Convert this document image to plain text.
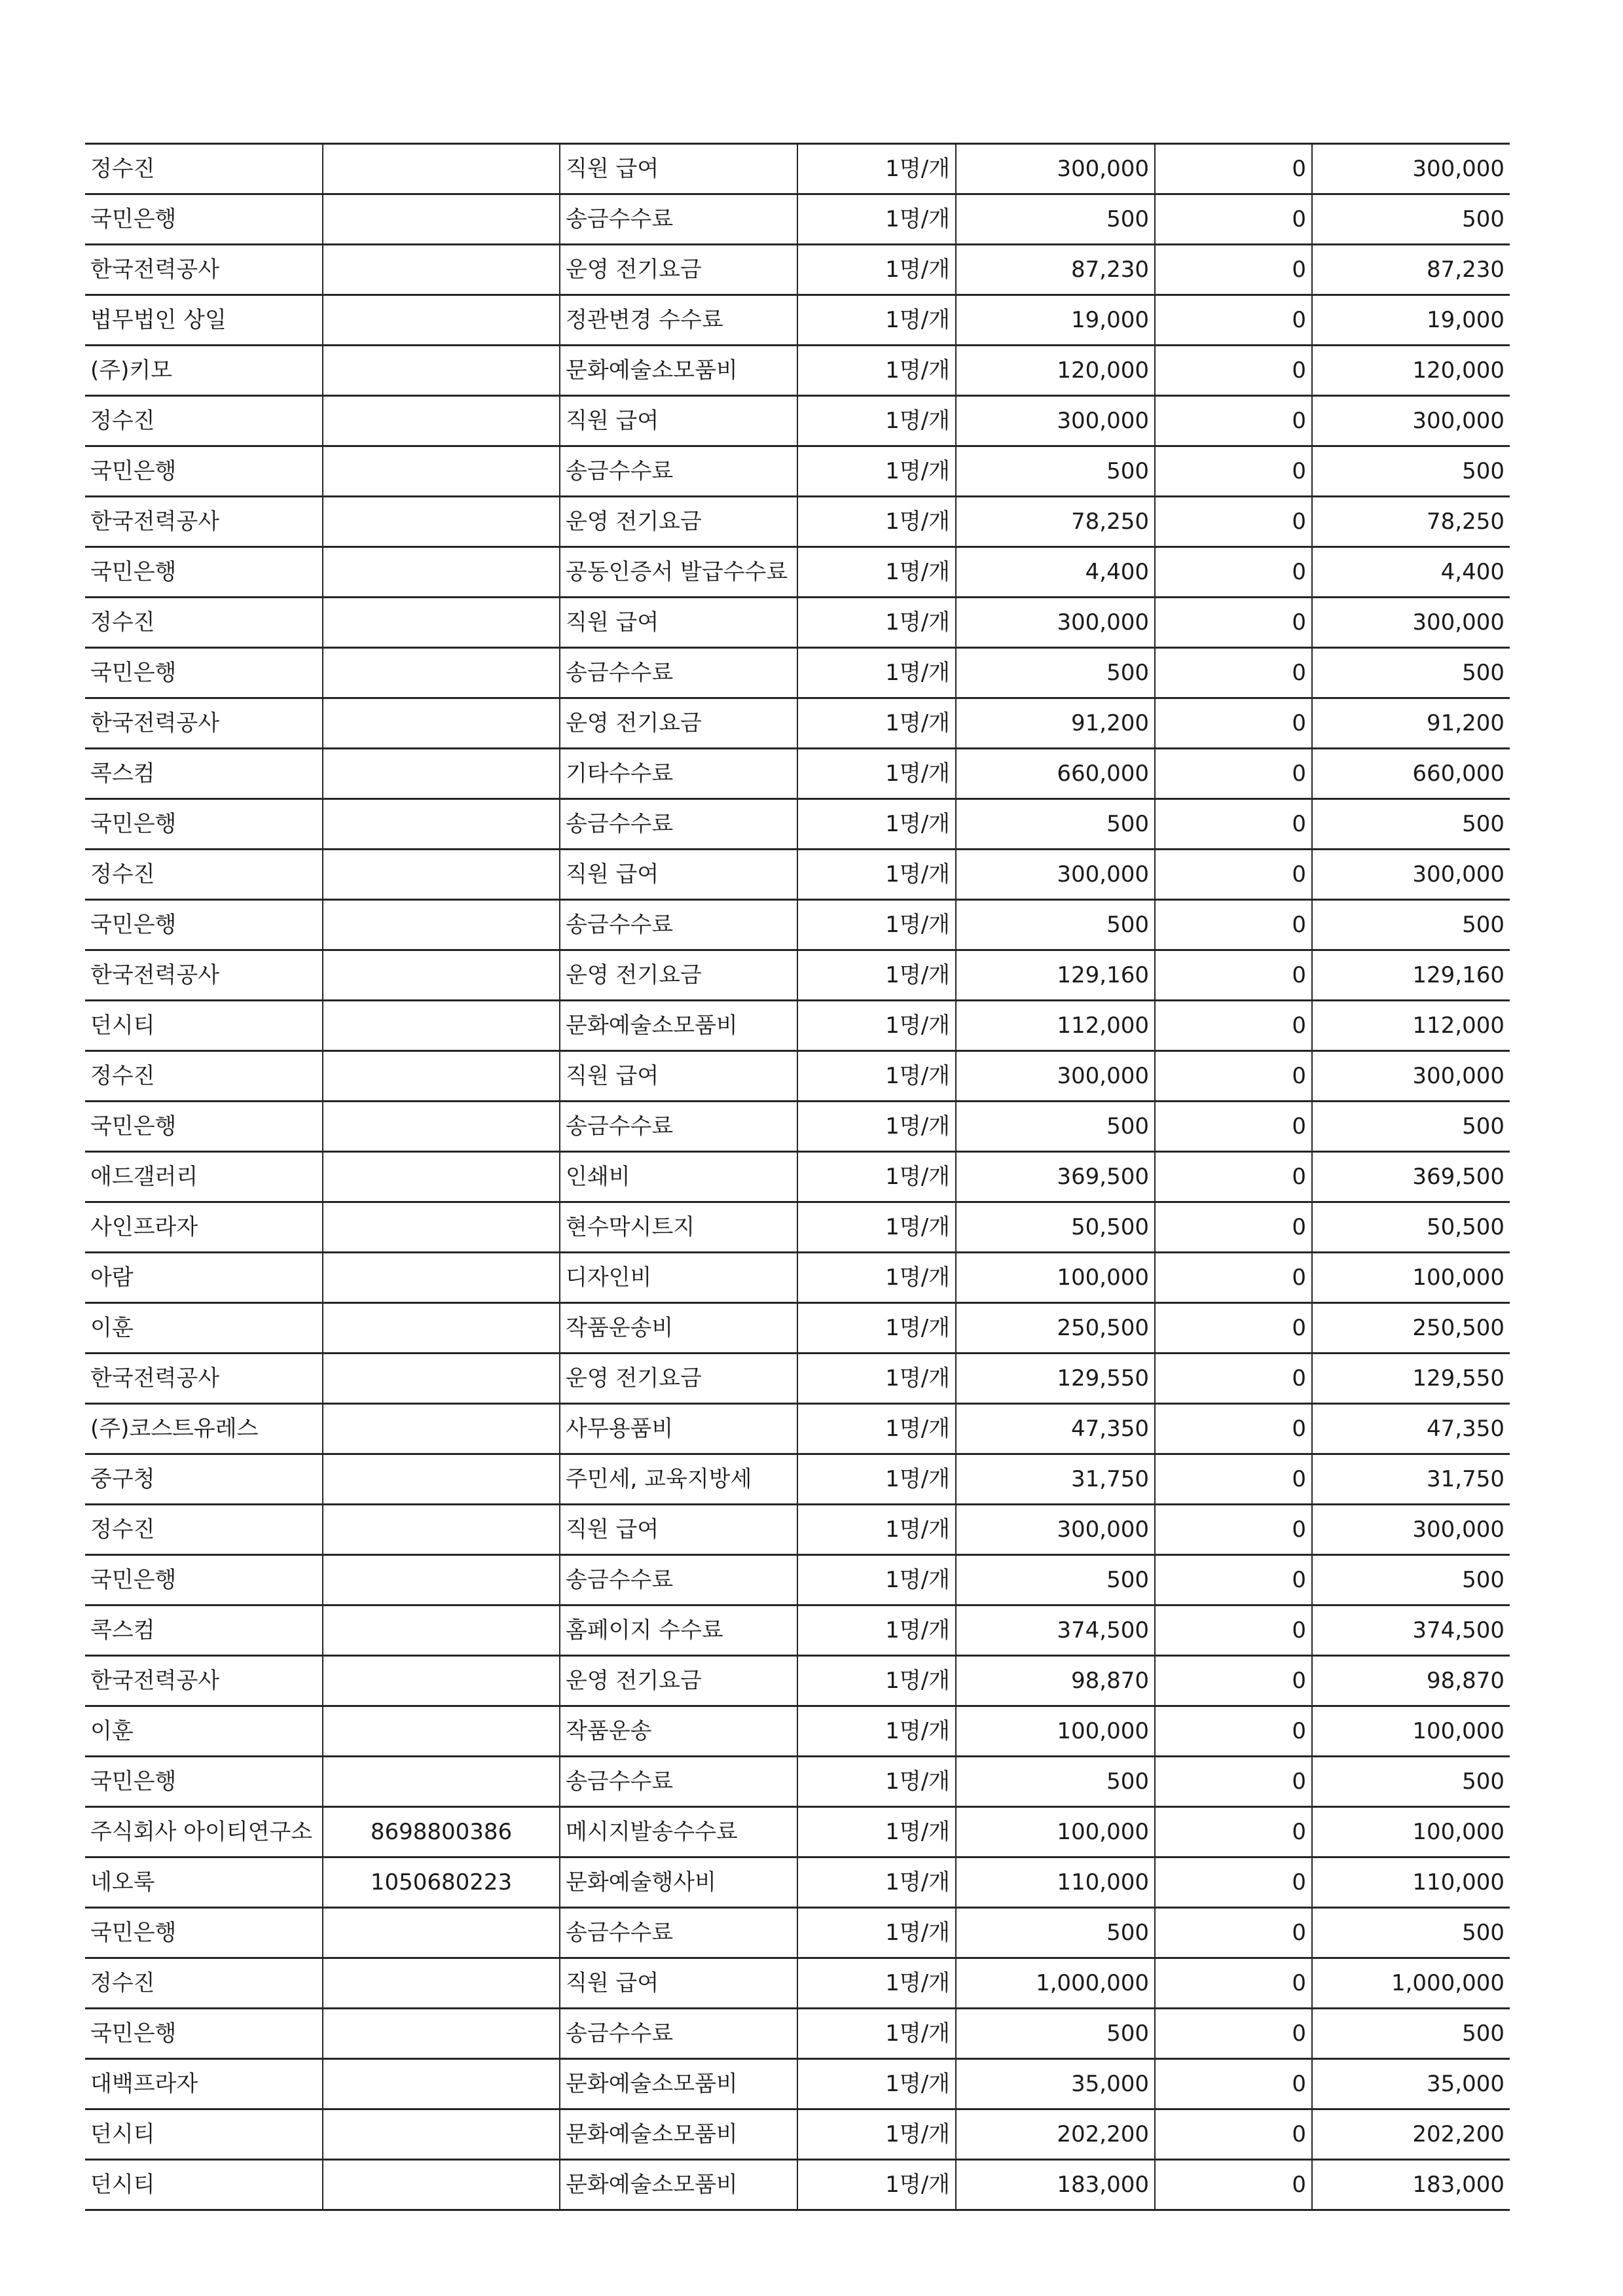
정수진		직원 급여	1명/개	300,000	0	300,000
국민은행		송금수수료	1명/개	500	0	500
한국전력공사		운영 전기요금	1명/개	87,230	0	87,230
법무법인 상일		정관변경 수수료	1명/개	19,000	0	19,000
(주)키모		문화예술소모품비	1명/개	120,000	0	120,000
정수진		직원 급여	1명/개	300,000	0	300,000
국민은행		송금수수료	1명/개	500	0	500
한국전력공사		운영 전기요금	1명/개	78,250	0	78,250
국민은행		공동인증서 발급수수료	1명/개	4,400	0	4,400
정수진		직원 급여	1명/개	300,000	0	300,000
국민은행		송금수수료	1명/개	500	0	500
한국전력공사		운영 전기요금	1명/개	91,200	0	91,200
콕스컴		기타수수료	1명/개	660,000	0	660,000
국민은행		송금수수료	1명/개	500	0	500
정수진		직원 급여	1명/개	300,000	0	300,000
국민은행		송금수수료	1명/개	500	0	500
한국전력공사		운영 전기요금	1명/개	129,160	0	129,160
던시티		문화예술소모품비	1명/개	112,000	0	112,000
정수진		직원 급여	1명/개	300,000	0	300,000
국민은행		송금수수료	1명/개	500	0	500
애드갤러리		인쇄비	1명/개	369,500	0	369,500
사인프라자		현수막시트지	1명/개	50,500	0	50,500
아람		디자인비	1명/개	100,000	0	100,000
이훈		작품운송비	1명/개	250,500	0	250,500
한국전력공사		운영 전기요금	1명/개	129,550	0	129,550
(주)코스트유레스		사무용품비	1명/개	47,350	0	47,350
중구청		주민세, 교육지방세	1명/개	31,750	0	31,750
정수진		직원 급여	1명/개	300,000	0	300,000
국민은행		송금수수료	1명/개	500	0	500
콕스컴		홈페이지 수수료	1명/개	374,500	0	374,500
한국전력공사		운영 전기요금	1명/개	98,870	0	98,870
이훈		작품운송	1명/개	100,000	0	100,000
국민은행		송금수수료	1명/개	500	0	500

주식회사 아이티연구소	8698800386	메시지발송수수료	1명/개	100,000	0	100,000
네오룩	1050680223	문화예술행사비	1명/개	110,000	0	110,000
국민은행		송금수수료	1명/개	500	0	500
정수진		직원 급여	1명/개	1,000,000	0	1,000,000
국민은행		송금수수료	1명/개	500	0	500
대백프라자		문화예술소모품비	1명/개	35,000	0	35,000
던시티		문화예술소모품비	1명/개	202,200	0	202,200
던시티		문화예술소모품비	1명/개	183,000	0	183,000
